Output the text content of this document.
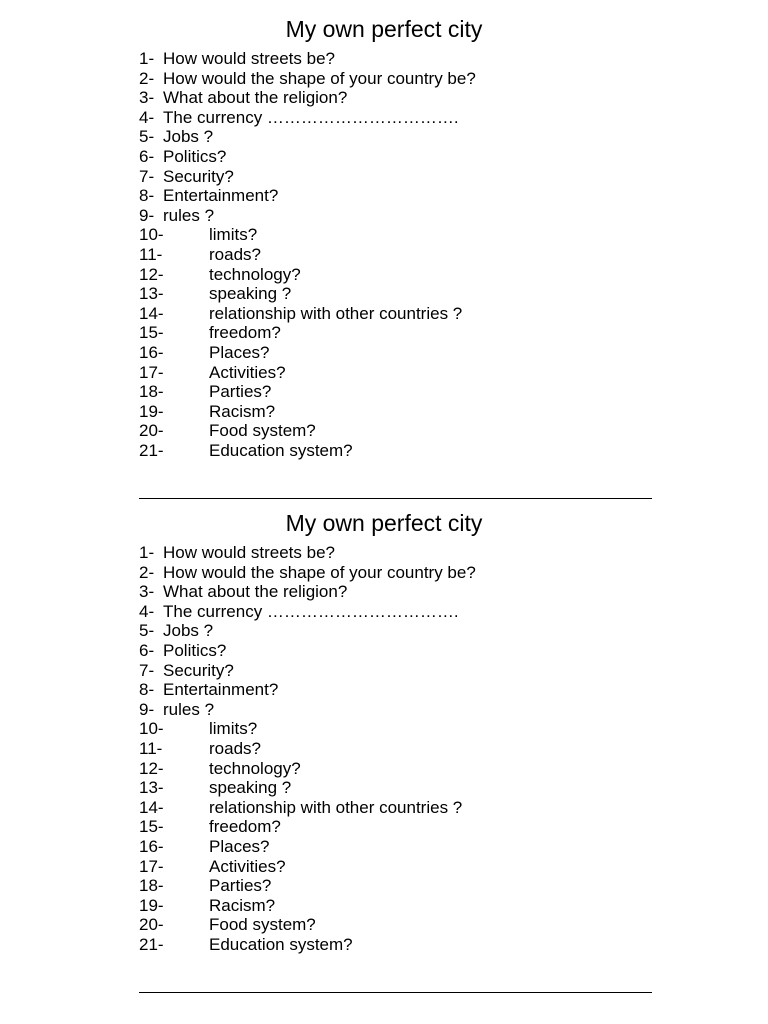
My own perfect city
1- How would streets be?
2- How would the shape of your country be?
3- What about the religion?
4- The currency …………………………….
5- Jobs ?
6- Politics?
7- Security?
8- Entertainment?
9- rules ?
10-	limits?
11-	roads?
12-	technology?
13-	speaking ?
14-	relationship with other countries ?
15-	freedom?
16-	Places?
17-	Activities?
18-	Parties?
19-	Racism?
20-	Food system?
21-	Education system?
My own perfect city
1- How would streets be?
2- How would the shape of your country be?
3- What about the religion?
4- The currency …………………………….
5- Jobs ?
6- Politics?
7- Security?
8- Entertainment?
9- rules ?
10-	limits?
11-	roads?
12-	technology?
13-	speaking ?
14-	relationship with other countries ?
15-	freedom?
16-	Places?
17-	Activities?
18-	Parties?
19-	Racism?
20-	Food system?
21-	Education system?
